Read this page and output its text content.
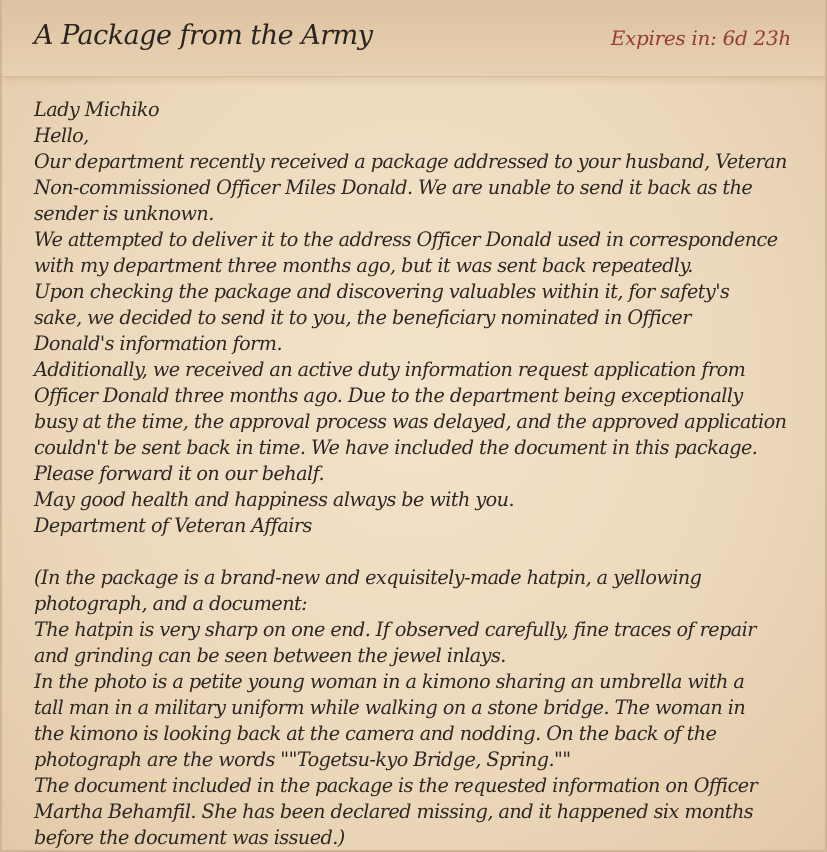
A Package from the Army	Expires in: 6d 23h
Lady Michiko
Hello,
Our department recently received a package addressed to your husband, Veteran
Non-commissioned Officer Miles Donald. We are unable to send it back as the
sender is unknown.
We attempted to deliver it to the address Officer Donald used in correspondence
with my department three months ago, but it was sent back repeatedly.
Upon checking the package and discovering valuables within it, for safety's
sake, we decided to send it to you, the beneficiary nominated in Officer
Donald's information form.
Additionally, we received an active duty information request application from
Officer Donald three months ago. Due to the department being exceptionally
busy at the time, the approval process was delayed, and the approved application
couldn't be sent back in time. We have included the document in this package.
Please forward it on our behalf.
May good health and happiness always be with you.
Department of Veteran Affairs
(In the package is a brand-new and exquisitely-made hatpin, a yellowing
photograph, and a document:
The hatpin is very sharp on one end. If observed carefully, fine traces of repair
and grinding can be seen between the jewel inlays.
In the photo is a petite young woman in a kimono sharing an umbrella with a
tall man in a military uniform while walking on a stone bridge. The woman in
the kimono is looking back at the camera and nodding. On the back of the
photograph are the words ""Togetsu-kyo Bridge, Spring.""
The document included in the package is the requested information on Officer
Martha Behamfil. She has been declared missing, and it happened six months
before the document was issued.)
